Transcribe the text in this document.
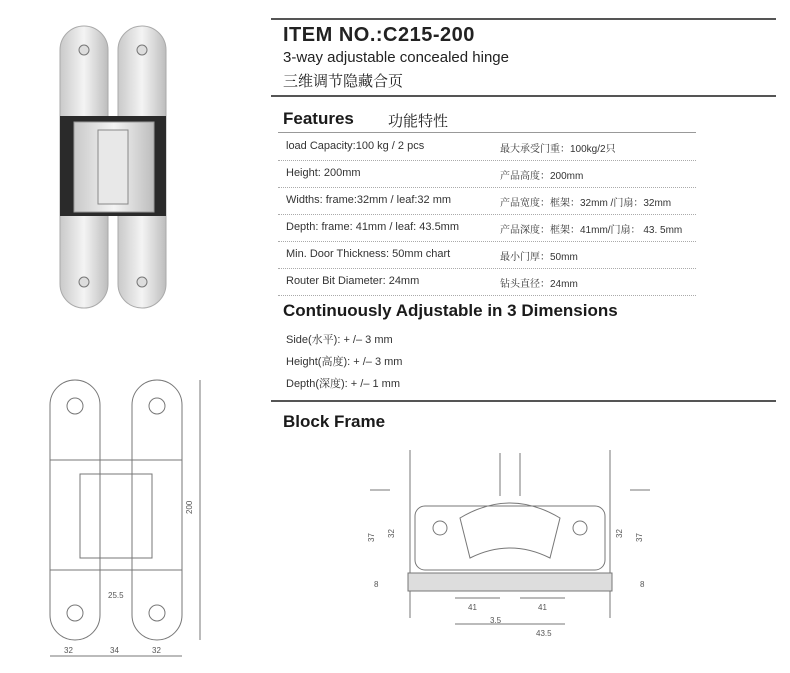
200
25.5
32	34	32
ITEM NO.:C215-200
3-way adjustable concealed hinge
三维调节隐藏合页
Features 功能特性
load Capacity:100 kg / 2 pcs	最大承受门重：100kg/2只
Height: 200mm	产品高度：200mm
Widths: frame:32mm / leaf:32 mm	产品宽度：框架：32mm /门扇：32mm
Depth: frame: 41mm / leaf: 43.5mm	产品深度：框架：41mm/门扇： 43. 5mm
Min. Door Thickness: 50mm chart	最小门厚：50mm
Router Bit Diameter: 24mm	钻头直径：24mm
Continuously Adjustable in 3 Dimensions
Side(水平): + /– 3 mm
Height(高度): + /– 3 mm
Depth(深度): + /– 1 mm
Block Frame
37 32
8
37
32
8
41	41
3.5
43.5
